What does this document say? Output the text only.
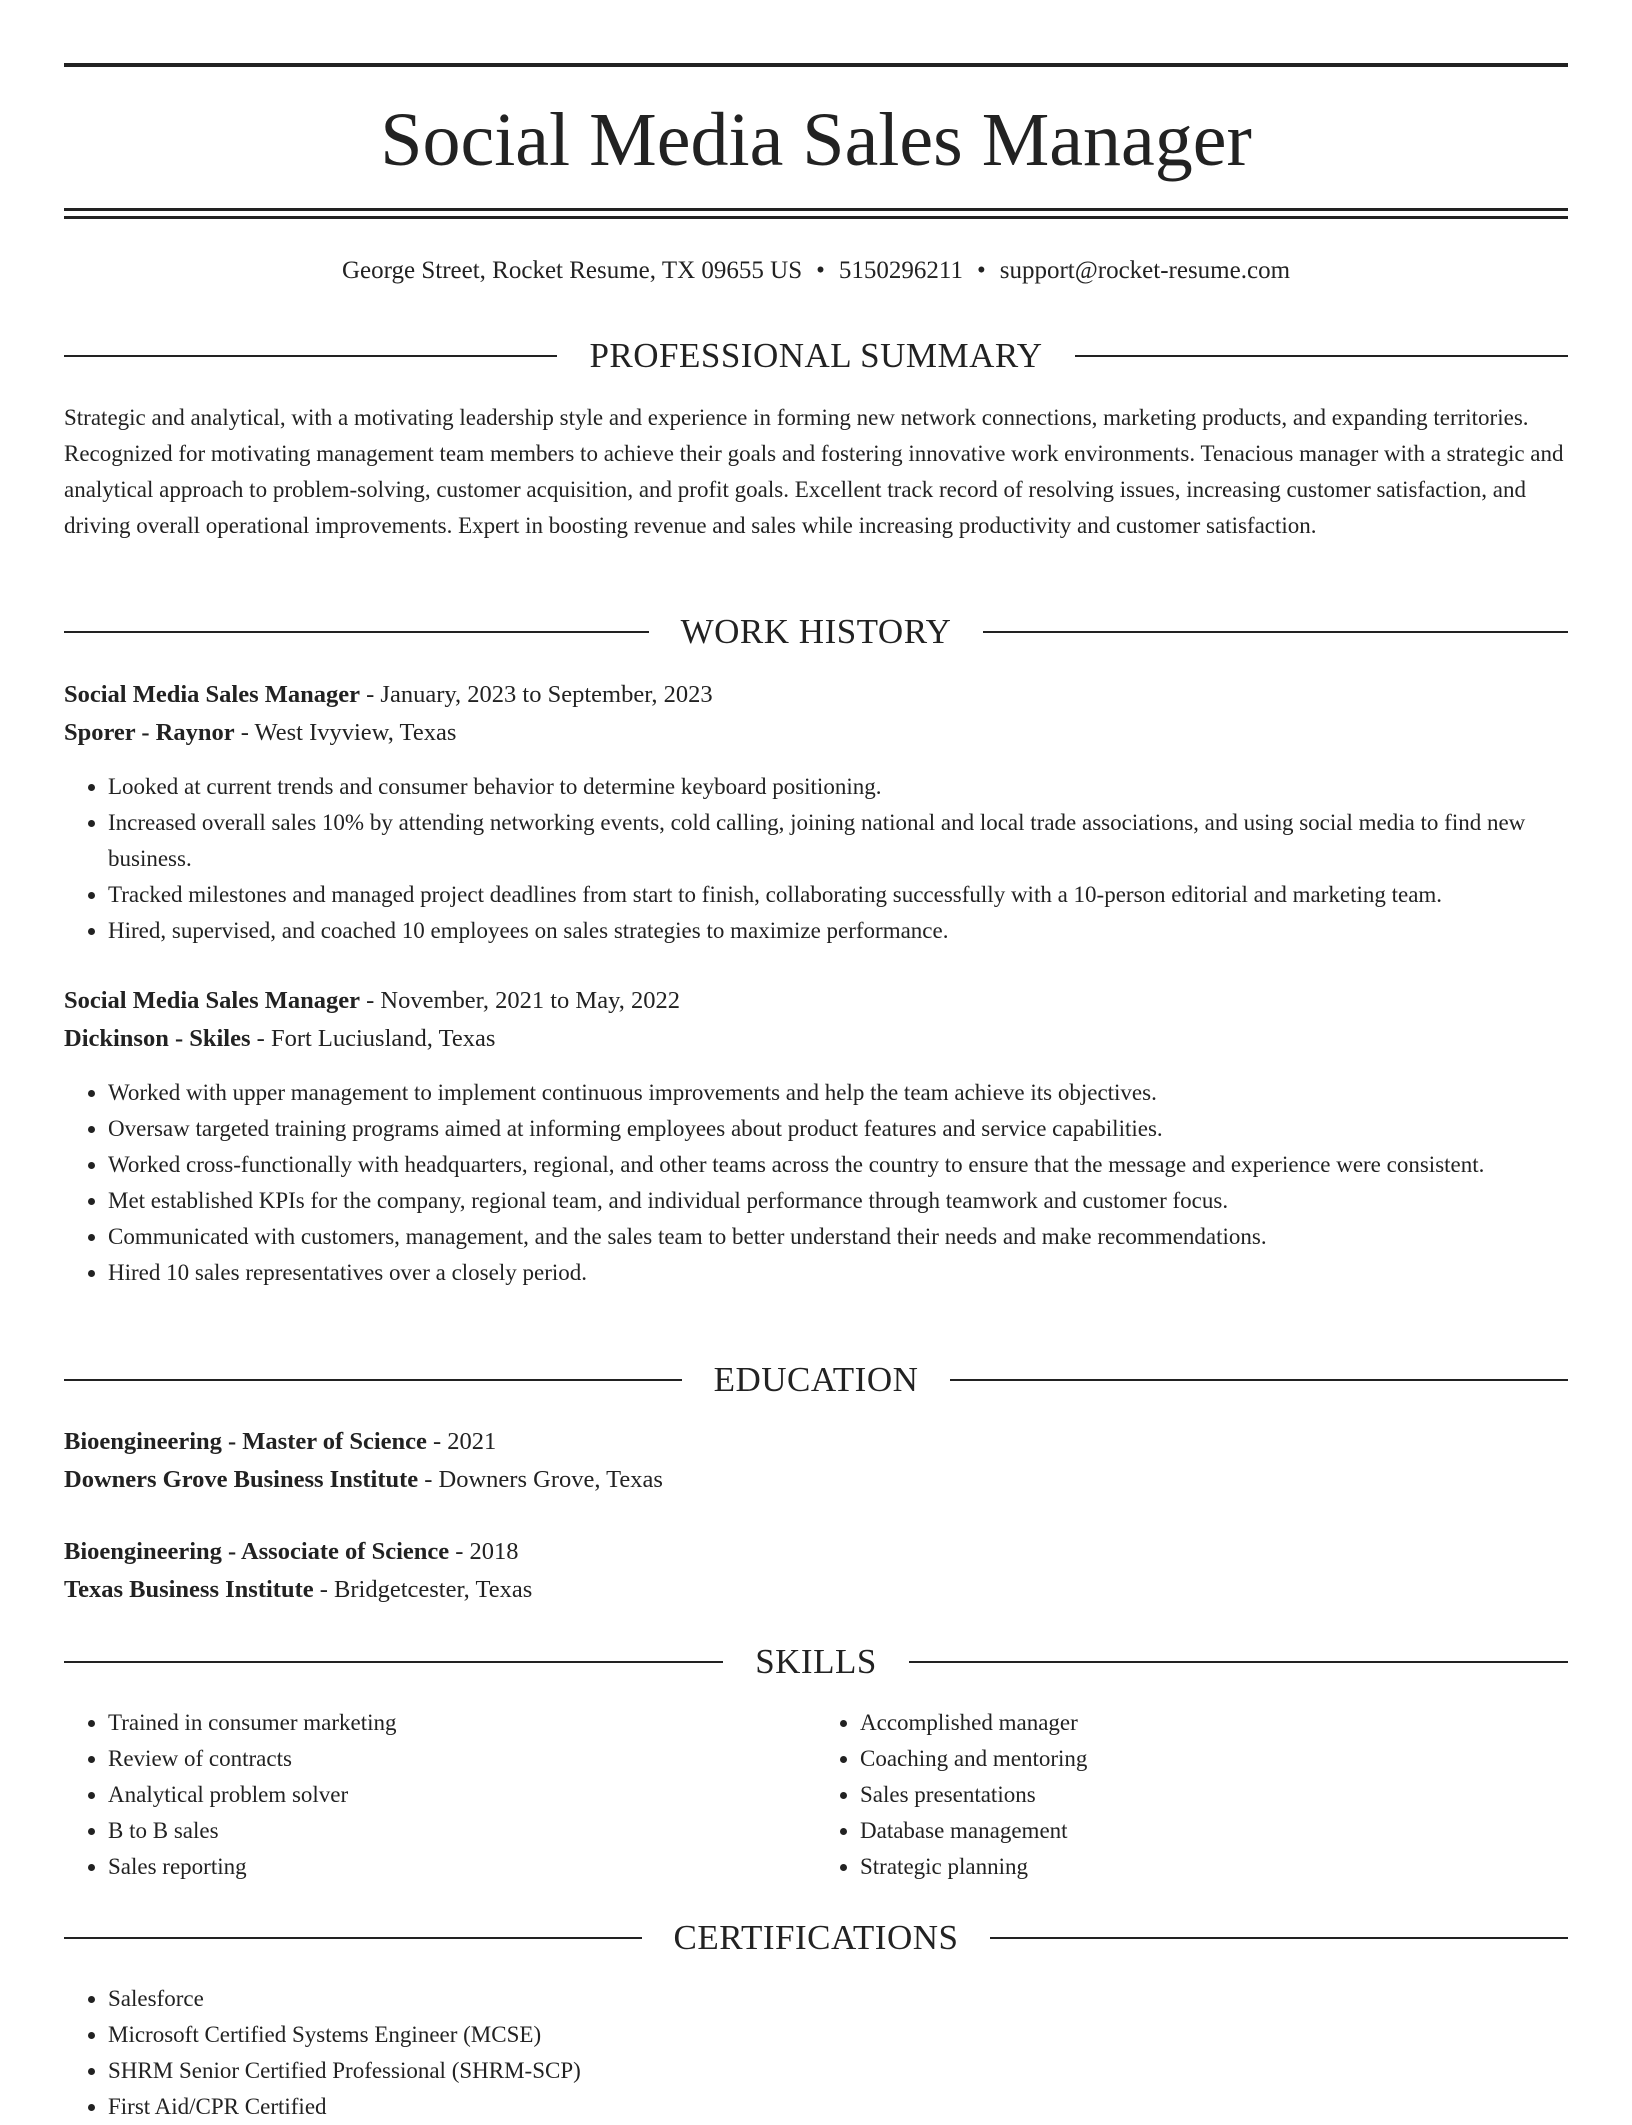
Social Media Sales Manager
George Street, Rocket Resume, TX 09655 US • 5150296211 • support@rocket-resume.com
PROFESSIONAL SUMMARY

Strategic and analytical, with a motivating leadership style and experience in forming new network connections, marketing products, and expanding territories. Recognized for motivating management team members to achieve their goals and fostering innovative work environments. Tenacious manager with a strategic and analytical approach to problem-solving, customer acquisition, and profit goals. Excellent track record of resolving issues, increasing customer satisfaction, and driving overall operational improvements. Expert in boosting revenue and sales while increasing productivity and customer satisfaction.

WORK HISTORY

Social Media Sales Manager - January, 2023 to September, 2023

Sporer - Raynor - West Ivyview, Texas

• Looked at current trends and consumer behavior to determine keyboard positioning.
• Increased overall sales 10% by attending networking events, cold calling, joining national and local trade associations, and using social media to find new business.
• Tracked milestones and managed project deadlines from start to finish, collaborating successfully with a 10-person editorial and marketing team.
• Hired, supervised, and coached 10 employees on sales strategies to maximize performance.

Social Media Sales Manager - November, 2021 to May, 2022

Dickinson - Skiles - Fort Luciusland, Texas

• Worked with upper management to implement continuous improvements and help the team achieve its objectives.
• Oversaw targeted training programs aimed at informing employees about product features and service capabilities.
• Worked cross-functionally with headquarters, regional, and other teams across the country to ensure that the message and experience were consistent.
• Met established KPIs for the company, regional team, and individual performance through teamwork and customer focus.
• Communicated with customers, management, and the sales team to better understand their needs and make recommendations.
• Hired 10 sales representatives over a closely period.
EDUCATION

Bioengineering - Master of Science - 2021

Downers Grove Business Institute - Downers Grove, Texas

Bioengineering - Associate of Science - 2018

Texas Business Institute - Bridgetcester, Texas

SKILLS
• Trained in consumer marketing
• Review of contracts
• Analytical problem solver
• B to B sales
• Sales reporting
• Accomplished manager
• Coaching and mentoring
• Sales presentations
• Database management
• Strategic planning
CERTIFICATIONS
• Salesforce
• Microsoft Certified Systems Engineer (MCSE)
• SHRM Senior Certified Professional (SHRM-SCP)
• First Aid/CPR Certified
